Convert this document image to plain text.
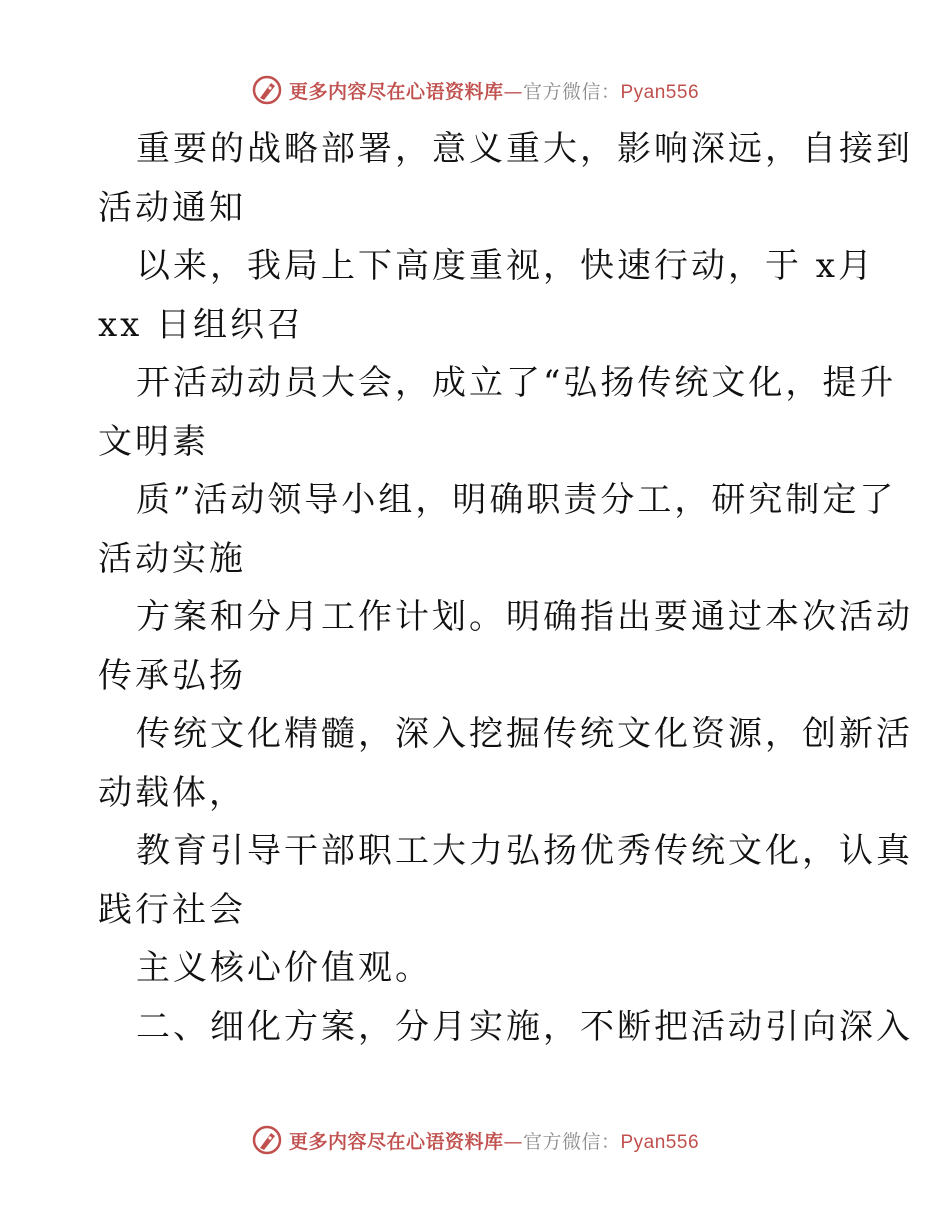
更多内容尽在心语资料库—官方微信：Pyan556
重要的战略部署，意义重大，影响深远，自接到
活动通知
以来，我局上下高度重视，快速行动，于 x月
xx 日组织召
开活动动员大会，成立了“弘扬传统文化，提升
文明素
质”活动领导小组，明确职责分工，研究制定了
活动实施
方案和分月工作计划。明确指出要通过本次活动
传承弘扬
传统文化精髓，深入挖掘传统文化资源，创新活
动载体，
教育引导干部职工大力弘扬优秀传统文化，认真
践行社会
主义核心价值观。
二、细化方案，分月实施，不断把活动引向深入
更多内容尽在心语资料库—官方微信：Pyan556
